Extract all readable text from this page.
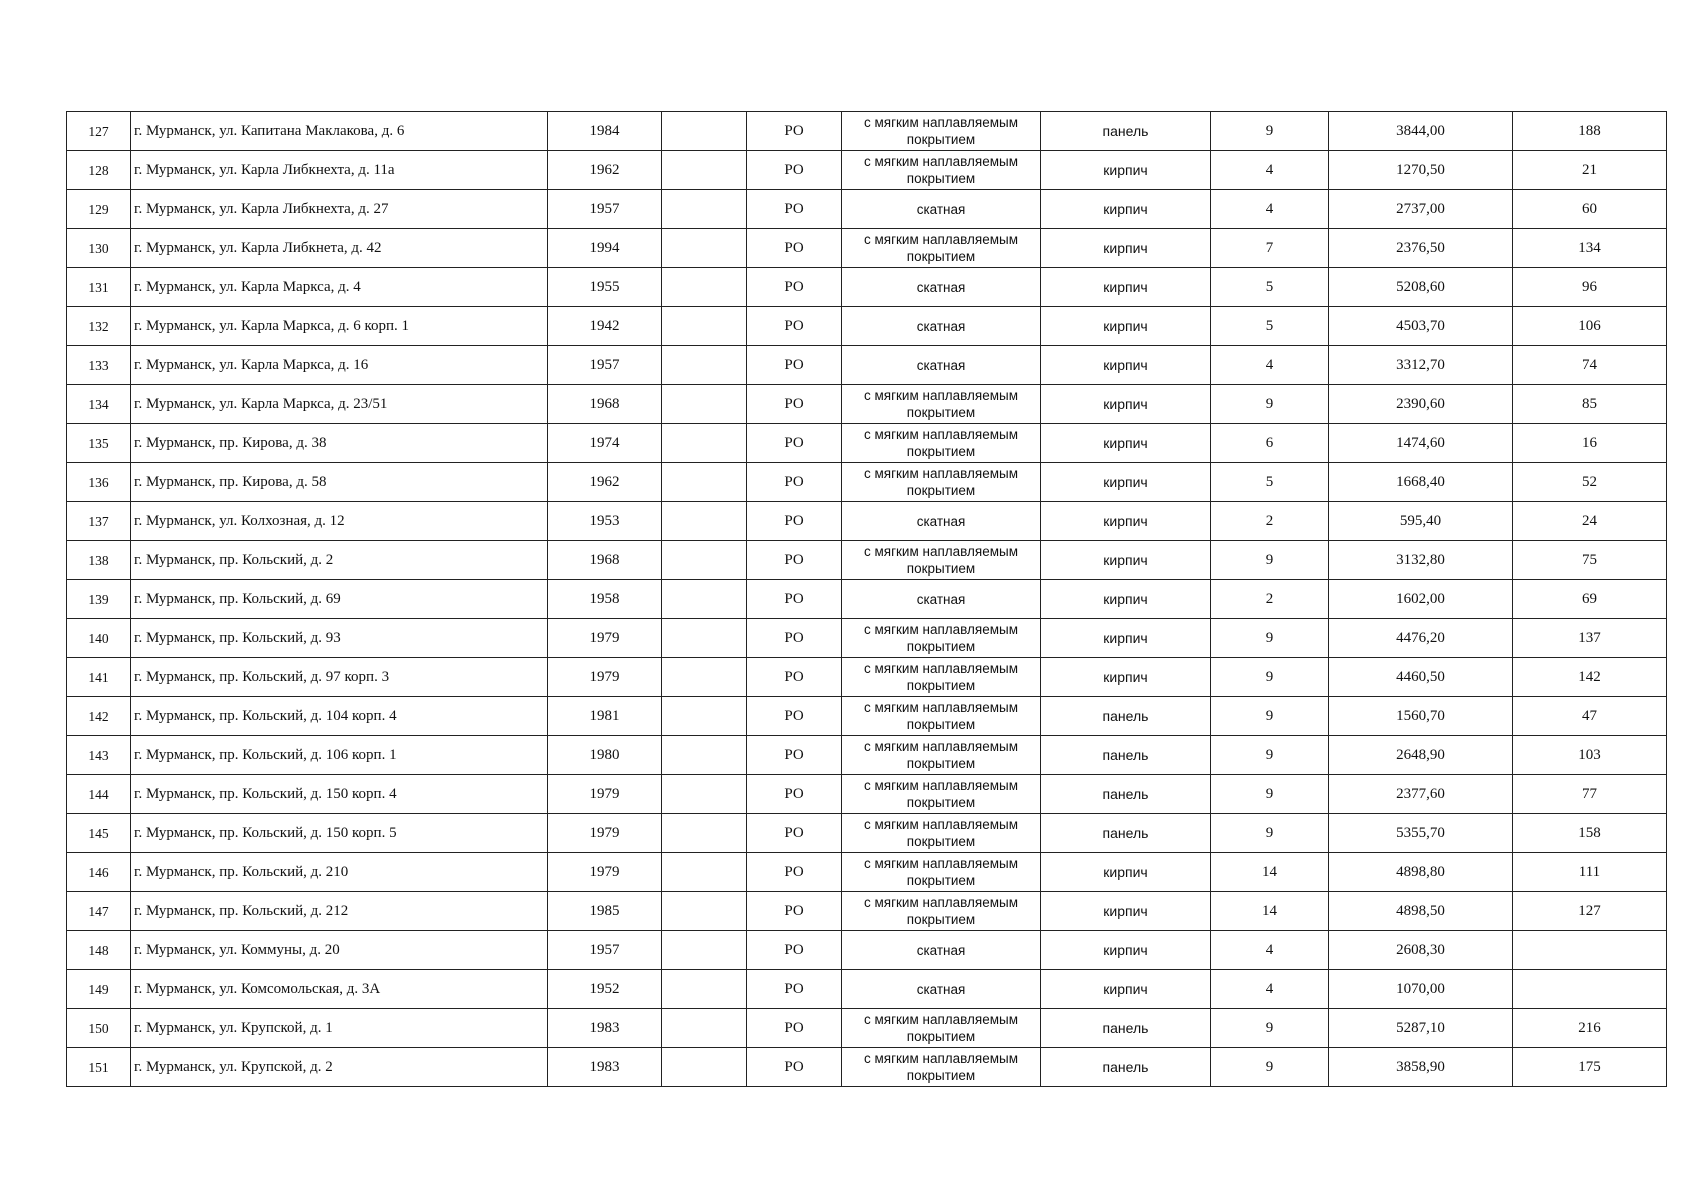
127	г. Мурманск, ул. Капитана Маклакова, д. 6	1984		РО	с мягким наплавляемым покрытием	панель	9	3844,00	188
128	г. Мурманск, ул. Карла Либкнехта, д. 11а	1962		РО	с мягким наплавляемым покрытием	кирпич	4	1270,50	21
129	г. Мурманск, ул. Карла Либкнехта, д. 27	1957		РО	скатная	кирпич	4	2737,00	60
130	г. Мурманск, ул. Карла Либкнета, д. 42	1994		РО	с мягким наплавляемым покрытием	кирпич	7	2376,50	134
131	г. Мурманск, ул. Карла Маркса, д. 4	1955		РО	скатная	кирпич	5	5208,60	96
132	г. Мурманск, ул. Карла Маркса, д. 6 корп. 1	1942		РО	скатная	кирпич	5	4503,70	106
133	г. Мурманск, ул. Карла Маркса, д. 16	1957		РО	скатная	кирпич	4	3312,70	74
134	г. Мурманск, ул. Карла Маркса, д. 23/51	1968		РО	с мягким наплавляемым покрытием	кирпич	9	2390,60	85
135	г. Мурманск, пр. Кирова, д. 38	1974		РО	с мягким наплавляемым покрытием	кирпич	6	1474,60	16
136	г. Мурманск, пр. Кирова, д. 58	1962		РО	с мягким наплавляемым покрытием	кирпич	5	1668,40	52
137	г. Мурманск, ул. Колхозная, д. 12	1953		РО	скатная	кирпич	2	595,40	24
138	г. Мурманск, пр. Кольский, д. 2	1968		РО	с мягким наплавляемым покрытием	кирпич	9	3132,80	75
139	г. Мурманск, пр. Кольский, д. 69	1958		РО	скатная	кирпич	2	1602,00	69
140	г. Мурманск, пр. Кольский, д. 93	1979		РО	с мягким наплавляемым покрытием	кирпич	9	4476,20	137
141	г. Мурманск, пр. Кольский, д. 97 корп. 3	1979		РО	с мягким наплавляемым покрытием	кирпич	9	4460,50	142
142	г. Мурманск, пр. Кольский, д. 104 корп. 4	1981		РО	с мягким наплавляемым покрытием	панель	9	1560,70	47
143	г. Мурманск, пр. Кольский, д. 106 корп. 1	1980		РО	с мягким наплавляемым покрытием	панель	9	2648,90	103
144	г. Мурманск, пр. Кольский, д. 150 корп. 4	1979		РО	с мягким наплавляемым покрытием	панель	9	2377,60	77
145	г. Мурманск, пр. Кольский, д. 150 корп. 5	1979		РО	с мягким наплавляемым покрытием	панель	9	5355,70	158
146	г. Мурманск, пр. Кольский, д. 210	1979		РО	с мягким наплавляемым покрытием	кирпич	14	4898,80	111
147	г. Мурманск, пр. Кольский, д. 212	1985		РО	с мягким наплавляемым покрытием	кирпич	14	4898,50	127
148	г. Мурманск, ул. Коммуны, д. 20	1957		РО	скатная	кирпич	4	2608,30	
149	г. Мурманск, ул. Комсомольская, д. 3А	1952		РО	скатная	кирпич	4	1070,00	
150	г. Мурманск, ул. Крупской, д. 1	1983		РО	с мягким наплавляемым покрытием	панель	9	5287,10	216
151	г. Мурманск, ул. Крупской, д. 2	1983		РО	с мягким наплавляемым покрытием	панель	9	3858,90	175
